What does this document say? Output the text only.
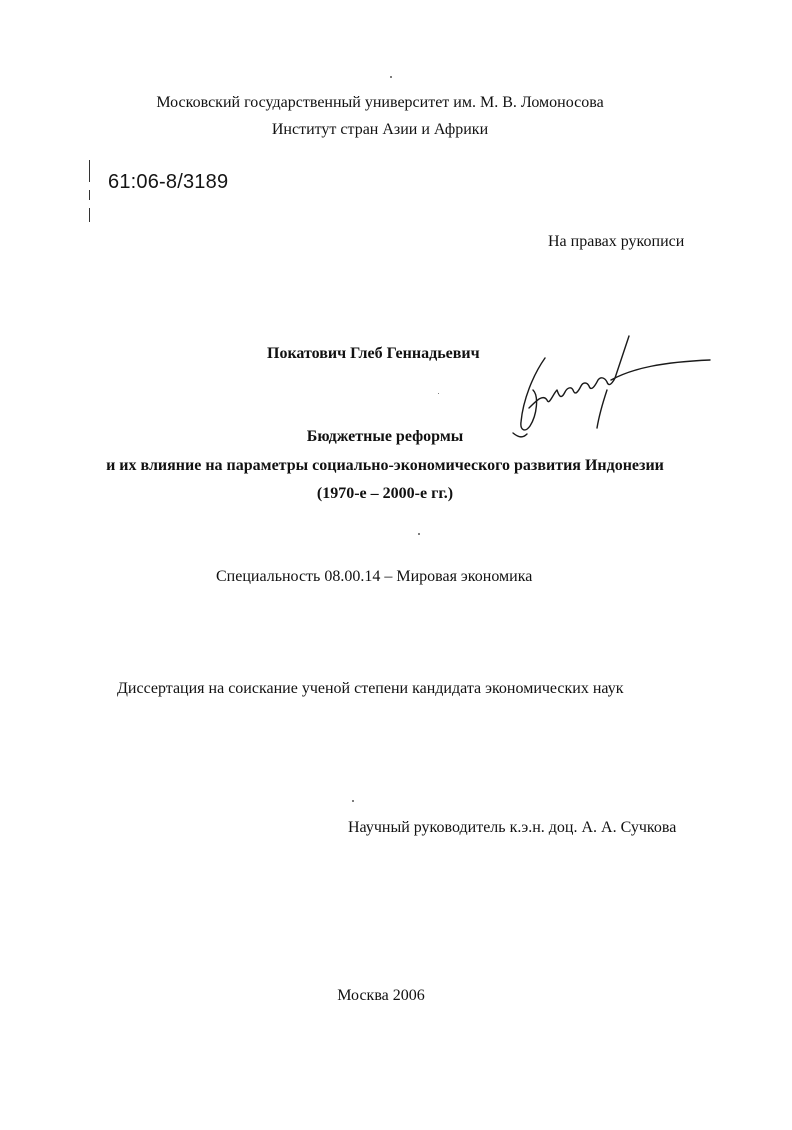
Московский государственный университет им. М. В. Ломоносова
Институт стран Азии и Африки
61:06-8/3189
На правах рукописи
Покатович Глеб Геннадьевич
Бюджетные реформы
и их влияние на параметры социально-экономического развития Индонезии
(1970-е – 2000-е гг.)
Специальность 08.00.14 – Мировая экономика
Диссертация на соискание ученой степени кандидата экономических наук
Научный руководитель к.э.н. доц. А. А. Сучкова
Москва 2006
